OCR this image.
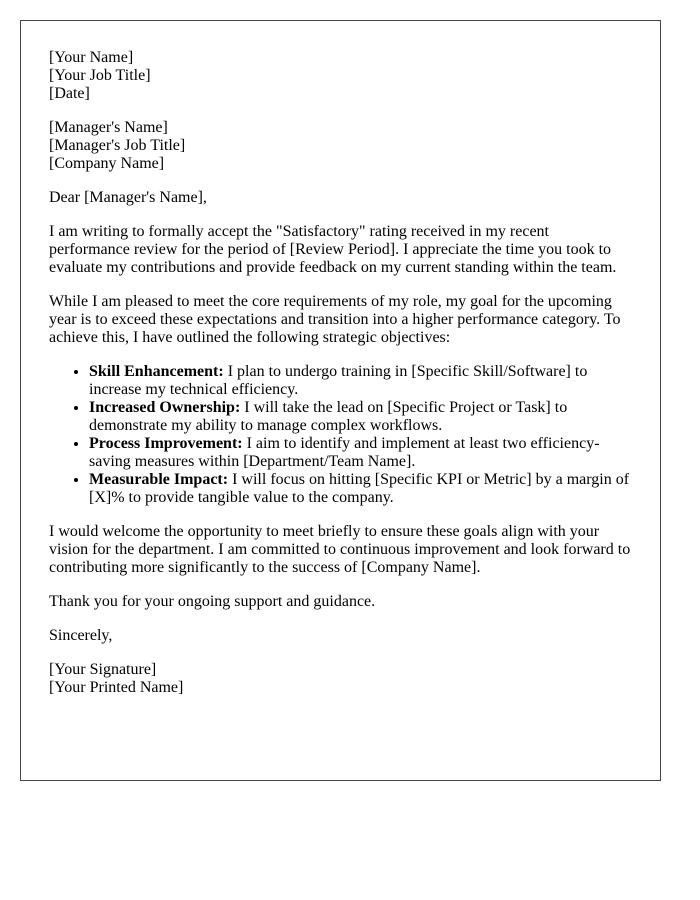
[Your Name]
[Your Job Title]
[Date]

[Manager's Name]
[Manager's Job Title]
[Company Name]

Dear [Manager's Name],

I am writing to formally accept the "Satisfactory" rating received in my recent performance review for the period of [Review Period]. I appreciate the time you took to evaluate my contributions and provide feedback on my current standing within the team.

While I am pleased to meet the core requirements of my role, my goal for the upcoming year is to exceed these expectations and transition into a higher performance category. To achieve this, I have outlined the following strategic objectives:

• Skill Enhancement: I plan to undergo training in [Specific Skill/Software] to increase my technical efficiency.
• Increased Ownership: I will take the lead on [Specific Project or Task] to demonstrate my ability to manage complex workflows.
• Process Improvement: I aim to identify and implement at least two efficiency-saving measures within [Department/Team Name].
• Measurable Impact: I will focus on hitting [Specific KPI or Metric] by a margin of [X]% to provide tangible value to the company.

I would welcome the opportunity to meet briefly to ensure these goals align with your vision for the department. I am committed to continuous improvement and look forward to contributing more significantly to the success of [Company Name].

Thank you for your ongoing support and guidance.

Sincerely,

[Your Signature]
[Your Printed Name]
